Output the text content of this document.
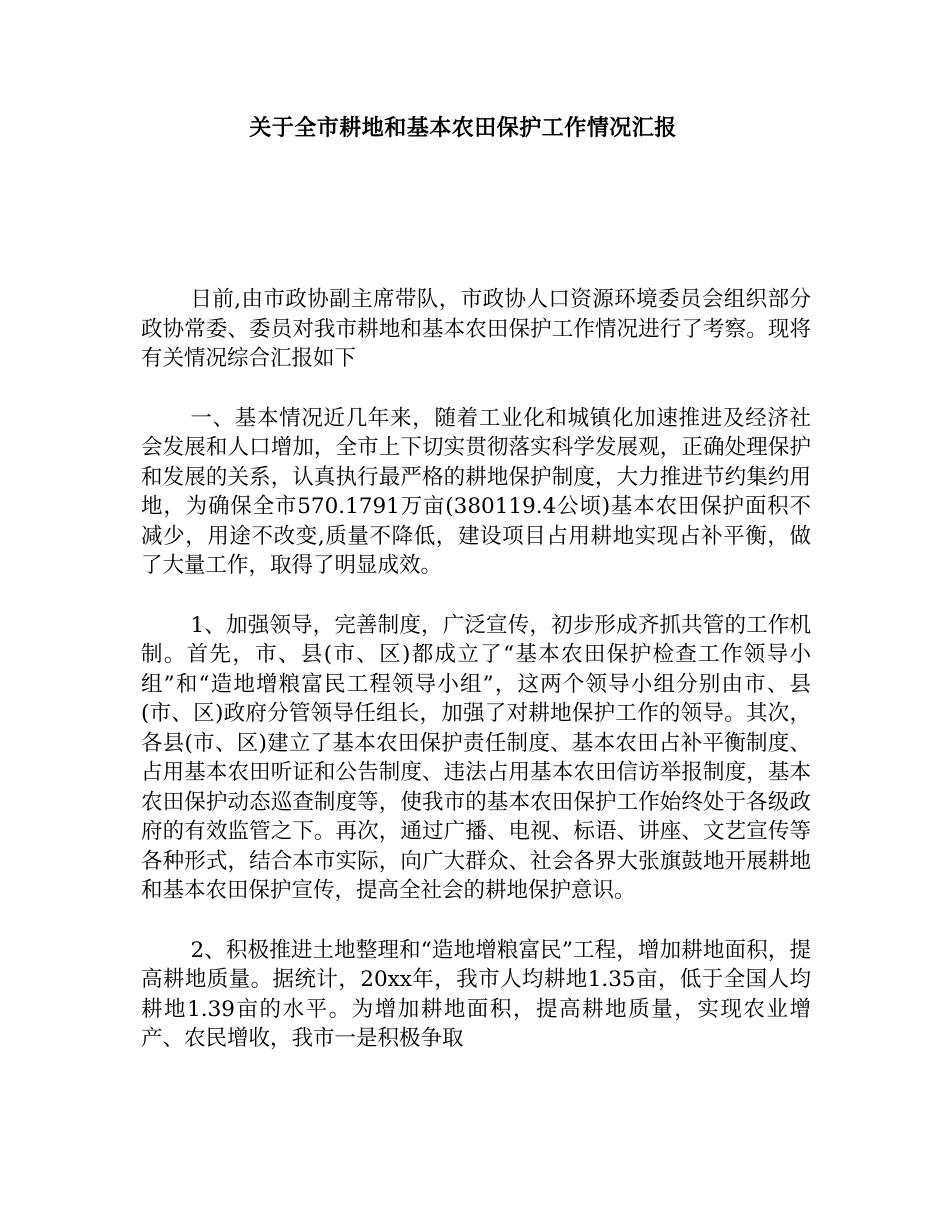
关于全市耕地和基本农田保护工作情况汇报

日前,由市政协副主席带队，市政协人口资源环境委员会组织部分政协常委、委员对我市耕地和基本农田保护工作情况进行了考察。现将有关情况综合汇报如下

一、基本情况近几年来，随着工业化和城镇化加速推进及经济社会发展和人口增加，全市上下切实贯彻落实科学发展观，正确处理保护和发展的关系，认真执行最严格的耕地保护制度，大力推进节约集约用地，为确保全市570.1791万亩(380119.4公顷)基本农田保护面积不减少，用途不改变,质量不降低，建设项目占用耕地实现占补平衡，做了大量工作，取得了明显成效。

1、加强领导，完善制度，广泛宣传，初步形成齐抓共管的工作机制。首先，市、县(市、区)都成立了“基本农田保护检查工作领导小组”和“造地增粮富民工程领导小组”，这两个领导小组分别由市、县(市、区)政府分管领导任组长，加强了对耕地保护工作的领导。其次，各县(市、区)建立了基本农田保护责任制度、基本农田占补平衡制度、占用基本农田听证和公告制度、违法占用基本农田信访举报制度，基本农田保护动态巡查制度等，使我市的基本农田保护工作始终处于各级政府的有效监管之下。再次，通过广播、电视、标语、讲座、文艺宣传等各种形式，结合本市实际，向广大群众、社会各界大张旗鼓地开展耕地和基本农田保护宣传，提高全社会的耕地保护意识。

2、积极推进土地整理和“造地增粮富民”工程，增加耕地面积，提高耕地质量。据统计，20xx年，我市人均耕地1.35亩，低于全国人均耕地1.39亩的水平。为增加耕地面积，提高耕地质量，实现农业增产、农民增收，我市一是积极争取
